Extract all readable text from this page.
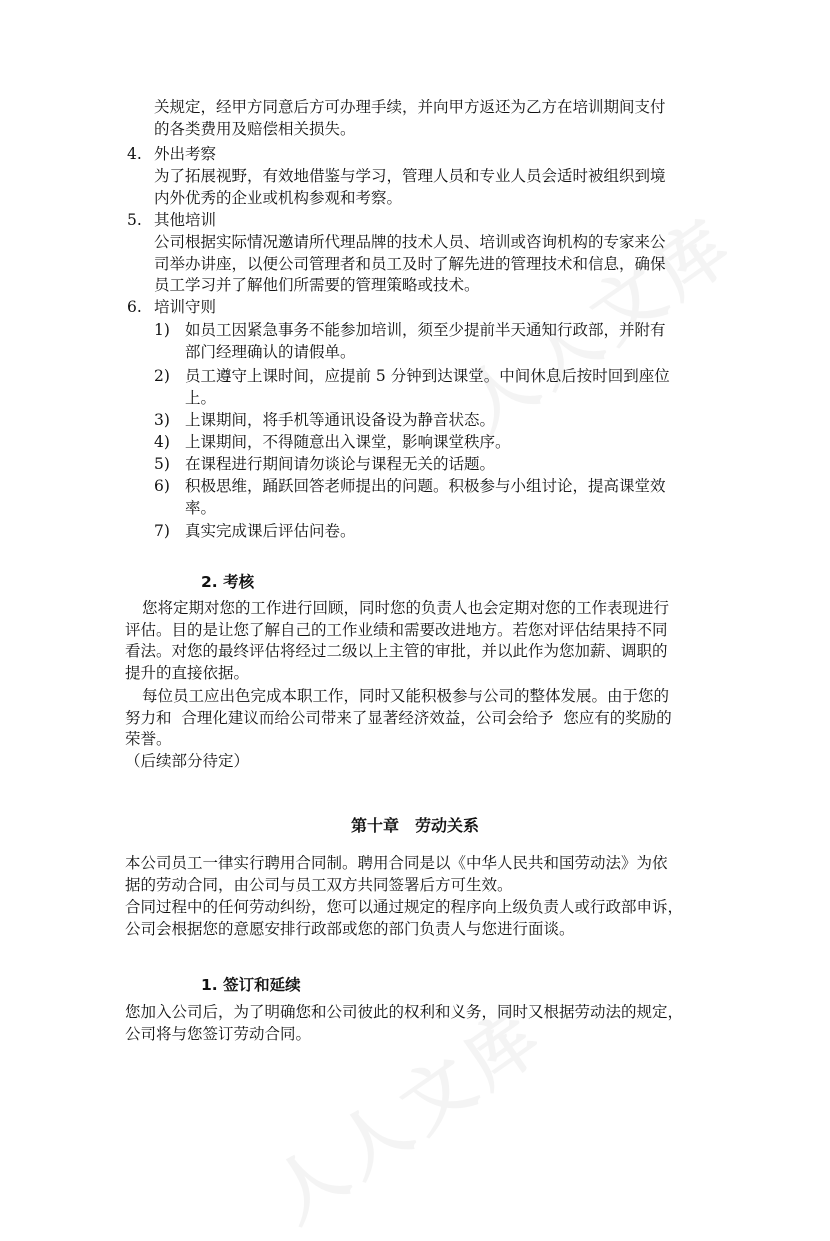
关规定，经甲方同意后方可办理手续，并向甲方返还为乙方在培训期间支付
的各类费用及赔偿相关损失。
4. 外出考察
为了拓展视野，有效地借鉴与学习，管理人员和专业人员会适时被组织到境
内外优秀的企业或机构参观和考察。
5. 其他培训
公司根据实际情况邀请所代理品牌的技术人员、培训或咨询机构的专家来公
司举办讲座，以便公司管理者和员工及时了解先进的管理技术和信息，确保
员工学习并了解他们所需要的管理策略或技术。
6. 培训守则
1) 如员工因紧急事务不能参加培训，须至少提前半天通知行政部，并附有
部门经理确认的请假单。
2) 员工遵守上课时间，应提前 5 分钟到达课堂。中间休息后按时回到座位
上。
3) 上课期间，将手机等通讯设备设为静音状态。
4) 上课期间，不得随意出入课堂，影响课堂秩序。
5) 在课程进行期间请勿谈论与课程无关的话题。
6) 积极思维，踊跃回答老师提出的问题。积极参与小组讨论，提高课堂效
率。
7) 真实完成课后评估问卷。
2. 考核
您将定期对您的工作进行回顾，同时您的负责人也会定期对您的工作表现进行
评估。目的是让您了解自己的工作业绩和需要改进地方。若您对评估结果持不同
看法。对您的最终评估将经过二级以上主管的审批，并以此作为您加薪、调职的
提升的直接依据。
每位员工应出色完成本职工作，同时又能积极参与公司的整体发展。由于您的
努力和  合理化建议而给公司带来了显著经济效益，公司会给予  您应有的奖励的
荣誉。
（后续部分待定）
第十章　劳动关系
本公司员工一律实行聘用合同制。聘用合同是以《中华人民共和国劳动法》为依
据的劳动合同，由公司与员工双方共同签署后方可生效。
合同过程中的任何劳动纠纷，您可以通过规定的程序向上级负责人或行政部申诉，
公司会根据您的意愿安排行政部或您的部门负责人与您进行面谈。
1. 签订和延续
您加入公司后，为了明确您和公司彼此的权利和义务，同时又根据劳动法的规定，
公司将与您签订劳动合同。
